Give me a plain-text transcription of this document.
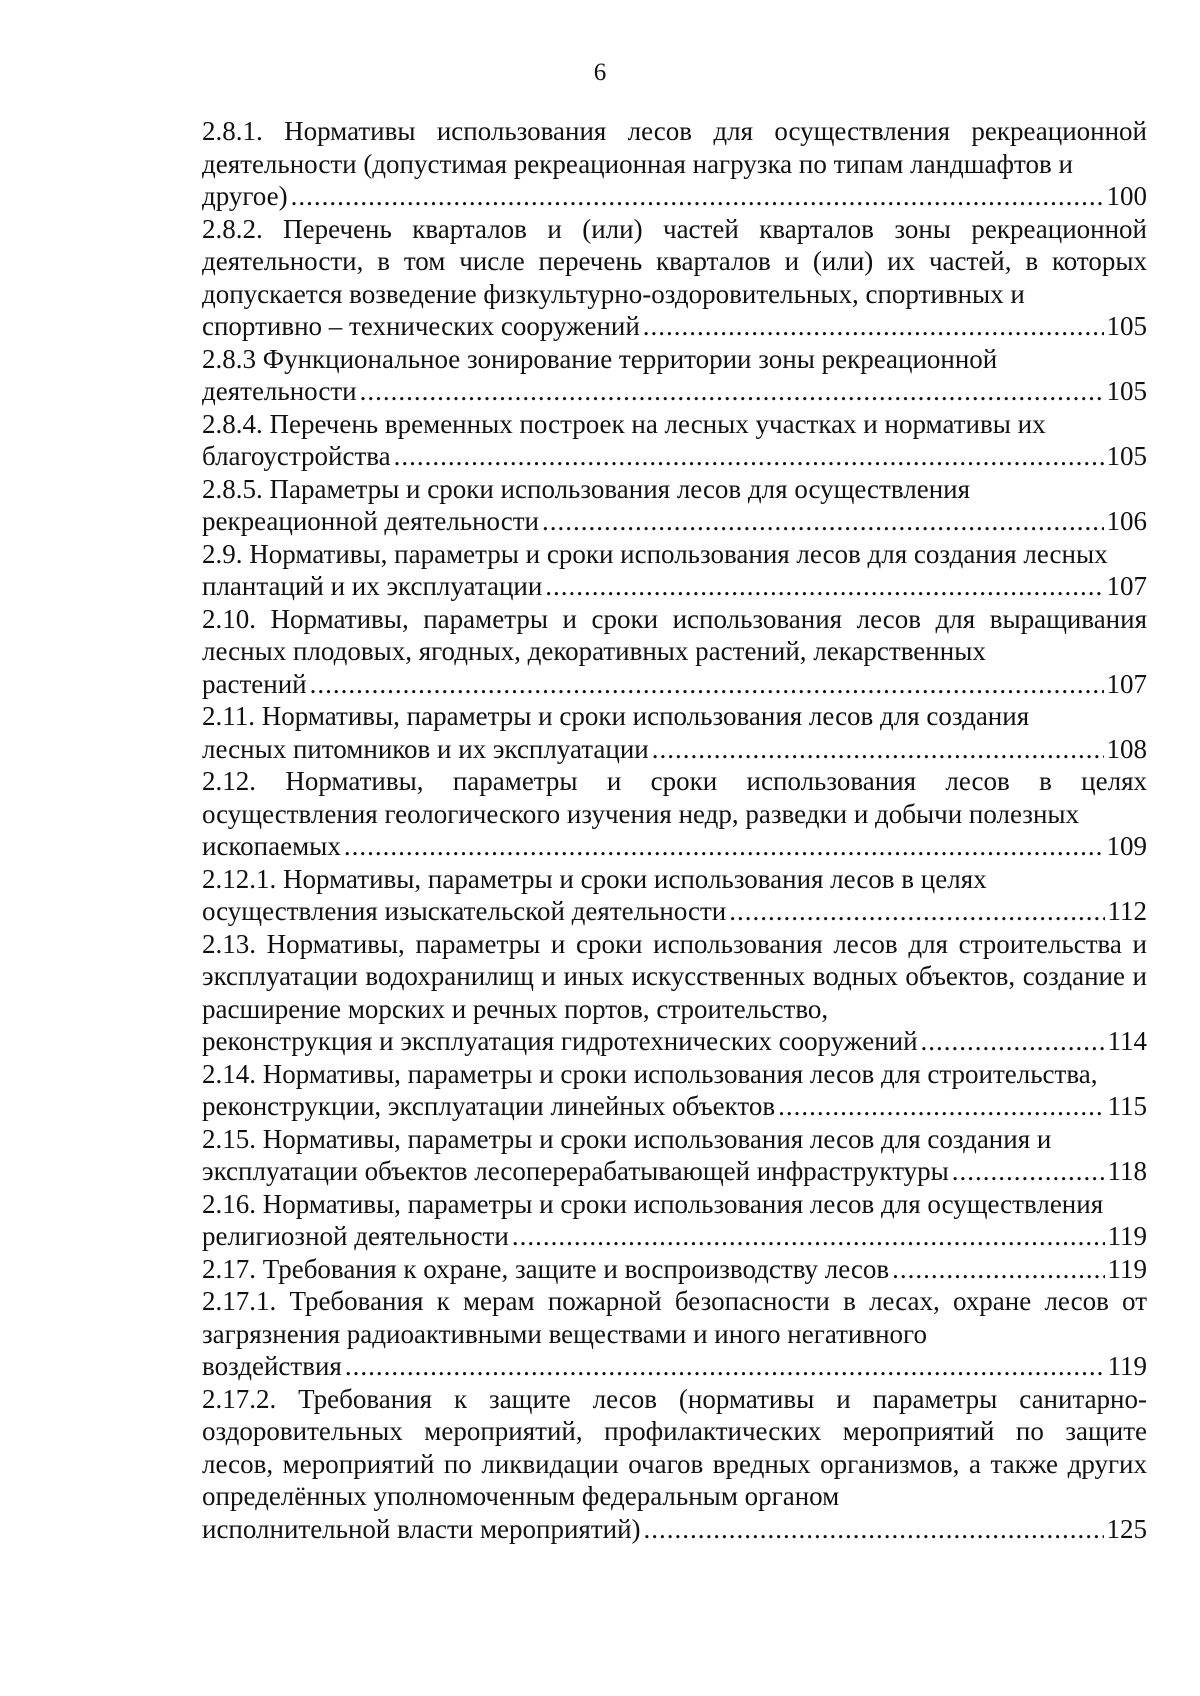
6
2.8.1. Нормативы использования лесов для осуществления рекреационной деятельности (допустимая рекреационная нагрузка по типам ландшафтов и
другое) .....	100
2.8.2. Перечень кварталов и (или) частей кварталов зоны рекреационной деятельности, в том числе перечень кварталов и (или) их частей, в которых допускается возведение физкультурно-оздоровительных, спортивных и
спортивно – технических сооружений .....	105
2.8.3 Функциональное зонирование территории зоны рекреационной
деятельности .....	105
2.8.4. Перечень временных построек на лесных участках и нормативы их
благоустройства .....	105
2.8.5. Параметры и сроки использования лесов для осуществления
рекреационной деятельности .....	106
2.9. Нормативы, параметры и сроки использования лесов для создания лесных
плантаций и их эксплуатации .....	107
2.10. Нормативы, параметры и сроки использования лесов для выращивания лесных плодовых, ягодных, декоративных растений, лекарственных
растений .....	107
2.11. Нормативы, параметры и сроки использования лесов для создания
лесных питомников и их эксплуатации .....	108
2.12. Нормативы, параметры и сроки использования лесов в целях осуществления геологического изучения недр, разведки и добычи полезных
ископаемых .....	109
2.12.1. Нормативы, параметры и сроки использования лесов в целях
осуществления изыскательской деятельности .....	112
2.13. Нормативы, параметры и сроки использования лесов для строительства и эксплуатации водохранилищ и иных искусственных водных объектов, создание и расширение морских и речных портов, строительство,
реконструкция и эксплуатация гидротехнических сооружений .....	114
2.14. Нормативы, параметры и сроки использования лесов для строительства,
реконструкции, эксплуатации линейных объектов .....	115
2.15. Нормативы, параметры и сроки использования лесов для создания и
эксплуатации объектов лесоперерабатывающей инфраструктуры .....	118
2.16. Нормативы, параметры и сроки использования лесов для осуществления
религиозной деятельности .....	119
2.17. Требования к охране, защите и воспроизводству лесов .....	119
2.17.1. Требования к мерам пожарной безопасности в лесах, охране лесов от загрязнения радиоактивными веществами и иного негативного
воздействия .....	119
2.17.2. Требования к защите лесов (нормативы и параметры санитарно-оздоровительных мероприятий, профилактических мероприятий по защите лесов, мероприятий по ликвидации очагов вредных организмов, а также других определённых уполномоченным федеральным органом
исполнительной власти мероприятий) .....	125
